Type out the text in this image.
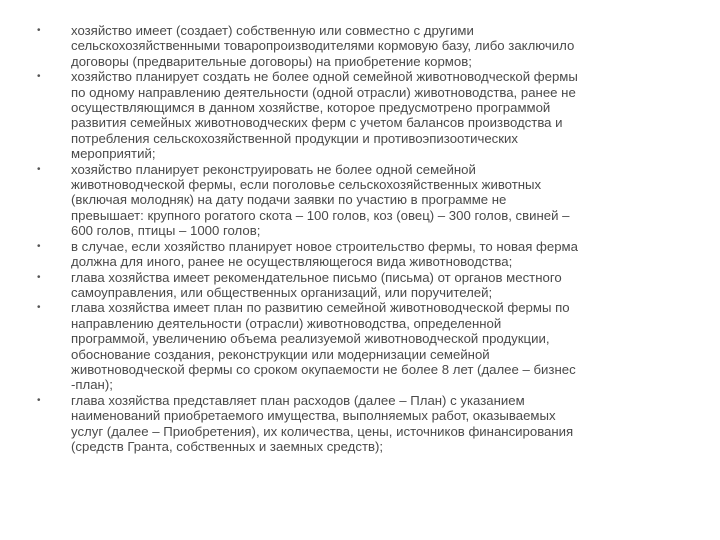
•	хозяйство имеет (создает) собственную или совместно с другими
сельскохозяйственными товаропроизводителями кормовую базу, либо заключило
договоры (предварительные договоры) на приобретение кормов;
•	хозяйство планирует создать не более одной семейной животноводческой фермы
по одному направлению деятельности (одной отрасли) животноводства, ранее не
осуществляющимся в данном хозяйстве, которое предусмотрено программой
развития семейных животноводческих ферм с учетом балансов производства и
потребления сельскохозяйственной продукции и противоэпизоотических
мероприятий;
•	хозяйство планирует реконструировать не более одной семейной
животноводческой фермы, если поголовье сельскохозяйственных животных
(включая молодняк) на дату подачи заявки по участию в программе не
превышает: крупного рогатого скота – 100 голов, коз (овец) – 300 голов, свиней –
600 голов, птицы – 1000 голов;
•	в случае, если хозяйство планирует новое строительство фермы, то новая ферма
должна для иного, ранее не осуществляющегося вида животноводства;
•	глава хозяйства имеет рекомендательное письмо (письма) от органов местного
самоуправления, или общественных организаций, или поручителей;
•	глава хозяйства имеет план по развитию семейной животноводческой фермы по
направлению деятельности (отрасли) животноводства, определенной
программой, увеличению объема реализуемой животноводческой продукции,
обоснование создания, реконструкции или модернизации семейной
животноводческой фермы со сроком окупаемости не более 8 лет (далее – бизнес
-план);
•	глава хозяйства представляет план расходов (далее – План) с указанием
наименований приобретаемого имущества, выполняемых работ, оказываемых
услуг (далее – Приобретения), их количества, цены, источников финансирования
(средств Гранта, собственных и заемных средств);
